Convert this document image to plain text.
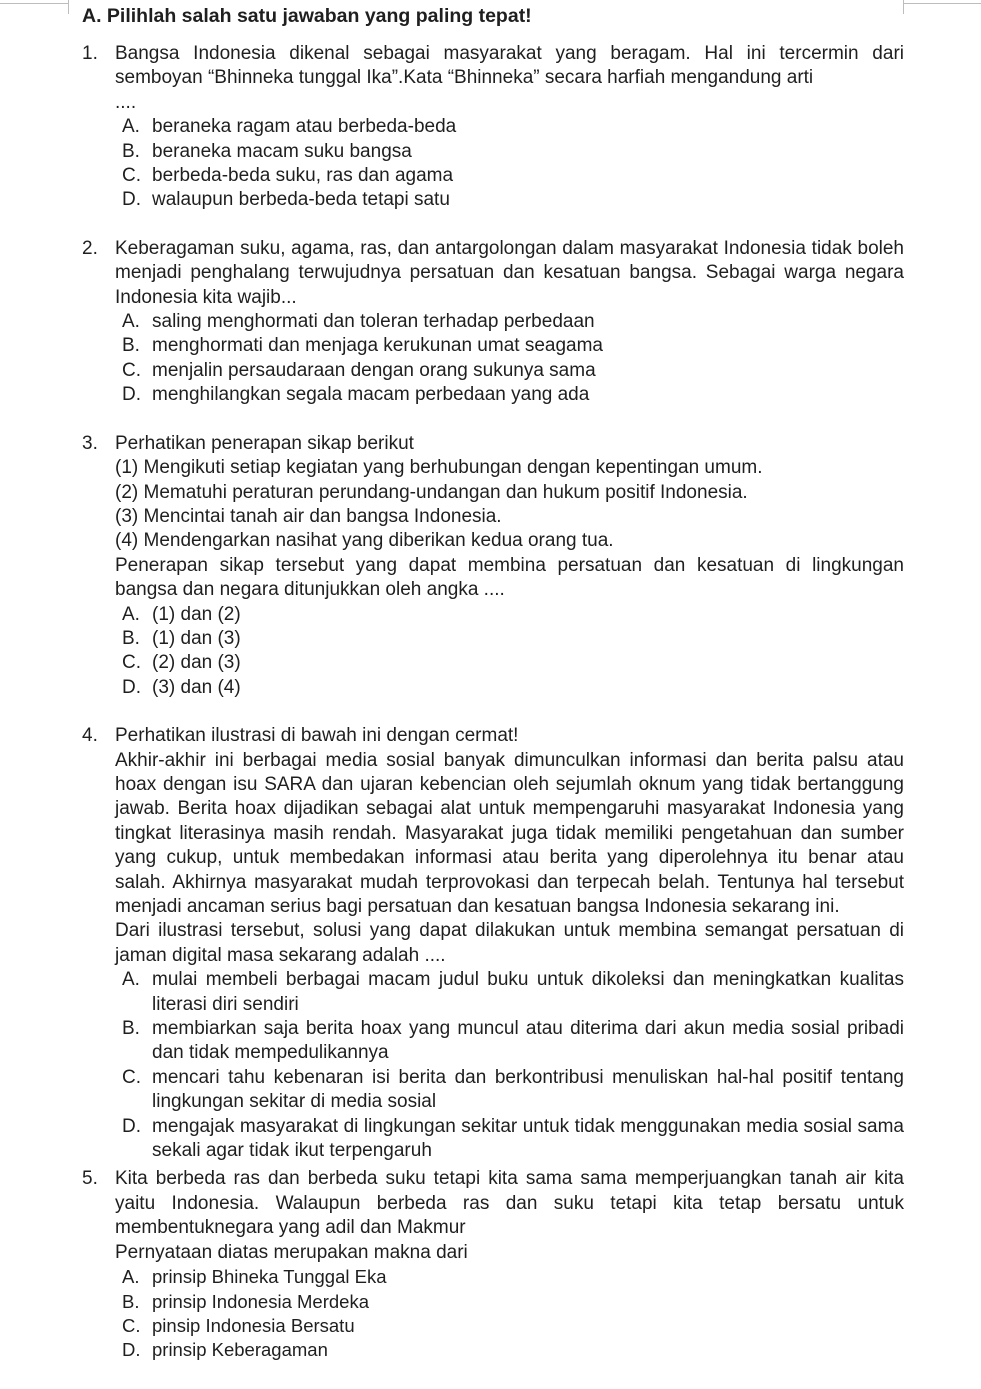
A. Pilihlah salah satu jawaban yang paling tepat!
1. Bangsa Indonesia dikenal sebagai masyarakat yang beragam. Hal ini tercermin dari semboyan “Bhinneka tunggal Ika”.Kata “Bhinneka” secara harfiah mengandung arti
....
A. beraneka ragam atau berbeda-beda
B. beraneka macam suku bangsa
C. berbeda-beda suku, ras dan agama
D. walaupun berbeda-beda tetapi satu
2. Keberagaman suku, agama, ras, dan antargolongan dalam masyarakat Indonesia tidak boleh menjadi penghalang terwujudnya persatuan dan kesatuan bangsa. Sebagai warga negara Indonesia kita wajib...
A. saling menghormati dan toleran terhadap perbedaan
B. menghormati dan menjaga kerukunan umat seagama
C. menjalin persaudaraan dengan orang sukunya sama
D. menghilangkan segala macam perbedaan yang ada
3. Perhatikan penerapan sikap berikut
(1) Mengikuti setiap kegiatan yang berhubungan dengan kepentingan umum.
(2) Mematuhi peraturan perundang-undangan dan hukum positif Indonesia.
(3) Mencintai tanah air dan bangsa Indonesia.
(4) Mendengarkan nasihat yang diberikan kedua orang tua.
Penerapan sikap tersebut yang dapat membina persatuan dan kesatuan di lingkungan bangsa dan negara ditunjukkan oleh angka ....
A. (1) dan (2)
B. (1) dan (3)
C. (2) dan (3)
D. (3) dan (4)
4. Perhatikan ilustrasi di bawah ini dengan cermat!
Akhir-akhir ini berbagai media sosial banyak dimunculkan informasi dan berita palsu atau hoax dengan isu SARA dan ujaran kebencian oleh sejumlah oknum yang tidak bertanggung jawab. Berita hoax dijadikan sebagai alat untuk mempengaruhi masyarakat Indonesia yang tingkat literasinya masih rendah. Masyarakat juga tidak memiliki pengetahuan dan sumber yang cukup, untuk membedakan informasi atau berita yang diperolehnya itu benar atau salah. Akhirnya masyarakat mudah terprovokasi dan terpecah belah. Tentunya hal tersebut menjadi ancaman serius bagi persatuan dan kesatuan bangsa Indonesia sekarang ini.
Dari ilustrasi tersebut, solusi yang dapat dilakukan untuk membina semangat persatuan di jaman digital masa sekarang adalah ....
A. mulai membeli berbagai macam judul buku untuk dikoleksi dan meningkatkan kualitas literasi diri sendiri
B. membiarkan saja berita hoax yang muncul atau diterima dari akun media sosial pribadi dan tidak mempedulikannya
C. mencari tahu kebenaran isi berita dan berkontribusi menuliskan hal-hal positif tentang lingkungan sekitar di media sosial
D. mengajak masyarakat di lingkungan sekitar untuk tidak menggunakan media sosial sama sekali agar tidak ikut terpengaruh
5. Kita berbeda ras dan berbeda suku tetapi kita sama sama memperjuangkan tanah air kita yaitu Indonesia. Walaupun berbeda ras dan suku tetapi kita tetap bersatu untuk membentuknegara yang adil dan Makmur
Pernyataan diatas merupakan makna dari
A. prinsip Bhineka Tunggal Eka
B. prinsip Indonesia Merdeka
C. pinsip Indonesia Bersatu
D. prinsip Keberagaman
